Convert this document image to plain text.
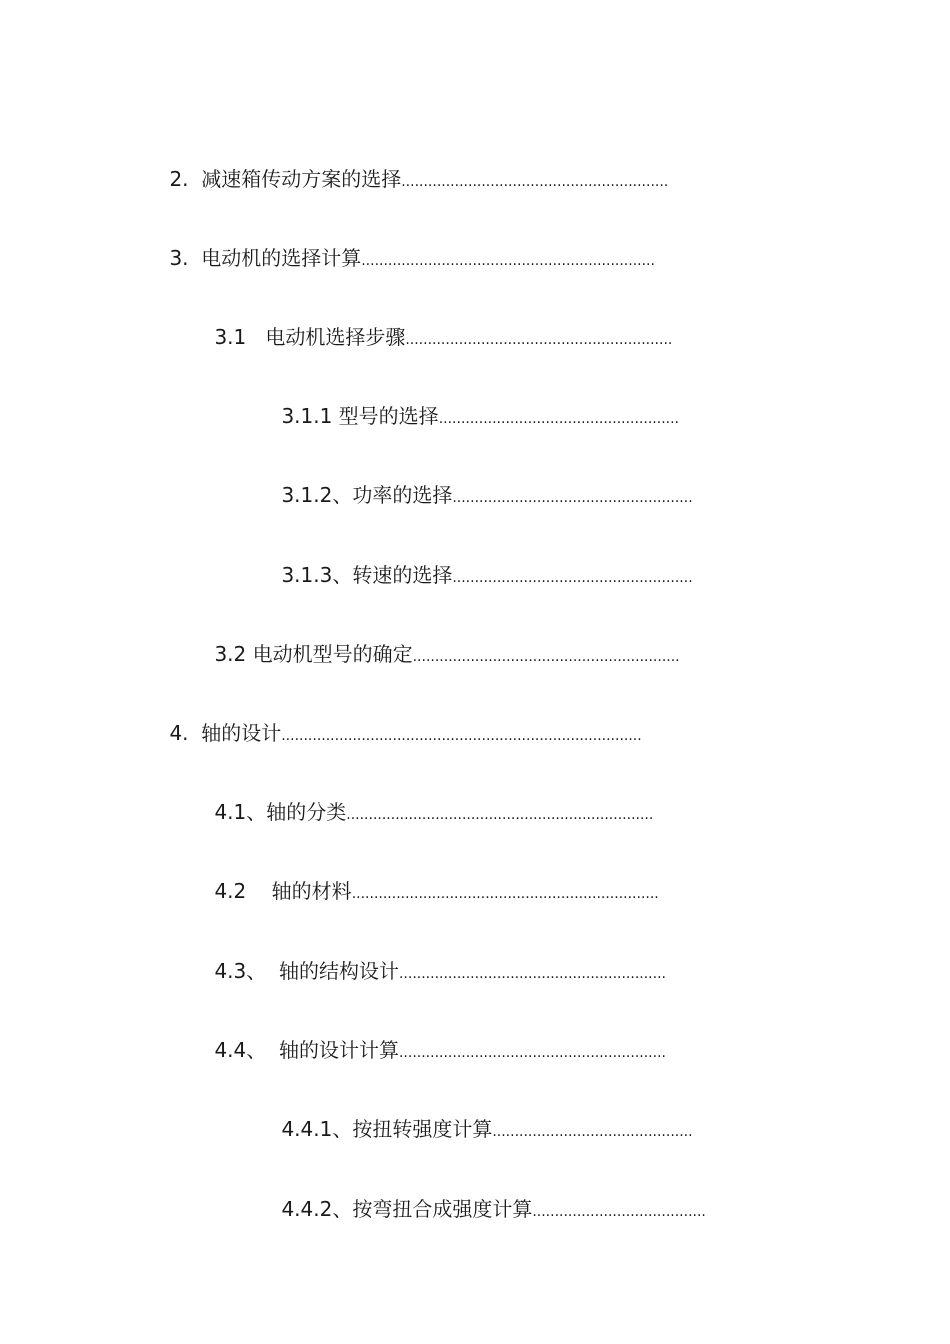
2.  减速箱传动方案的选择............................................................

3.  电动机的选择计算..................................................................

3.1   电动机选择步骤............................................................

3.1.1 型号的选择......................................................

3.1.2、功率的选择......................................................

3.1.3、转速的选择......................................................

3.2 电动机型号的确定............................................................

4.  轴的设计.................................................................................

4.1、轴的分类.....................................................................

4.2    轴的材料.....................................................................

4.3、  轴的结构设计............................................................

4.4、  轴的设计计算............................................................

4.4.1、按扭转强度计算.............................................

4.4.2、按弯扭合成强度计算.......................................
